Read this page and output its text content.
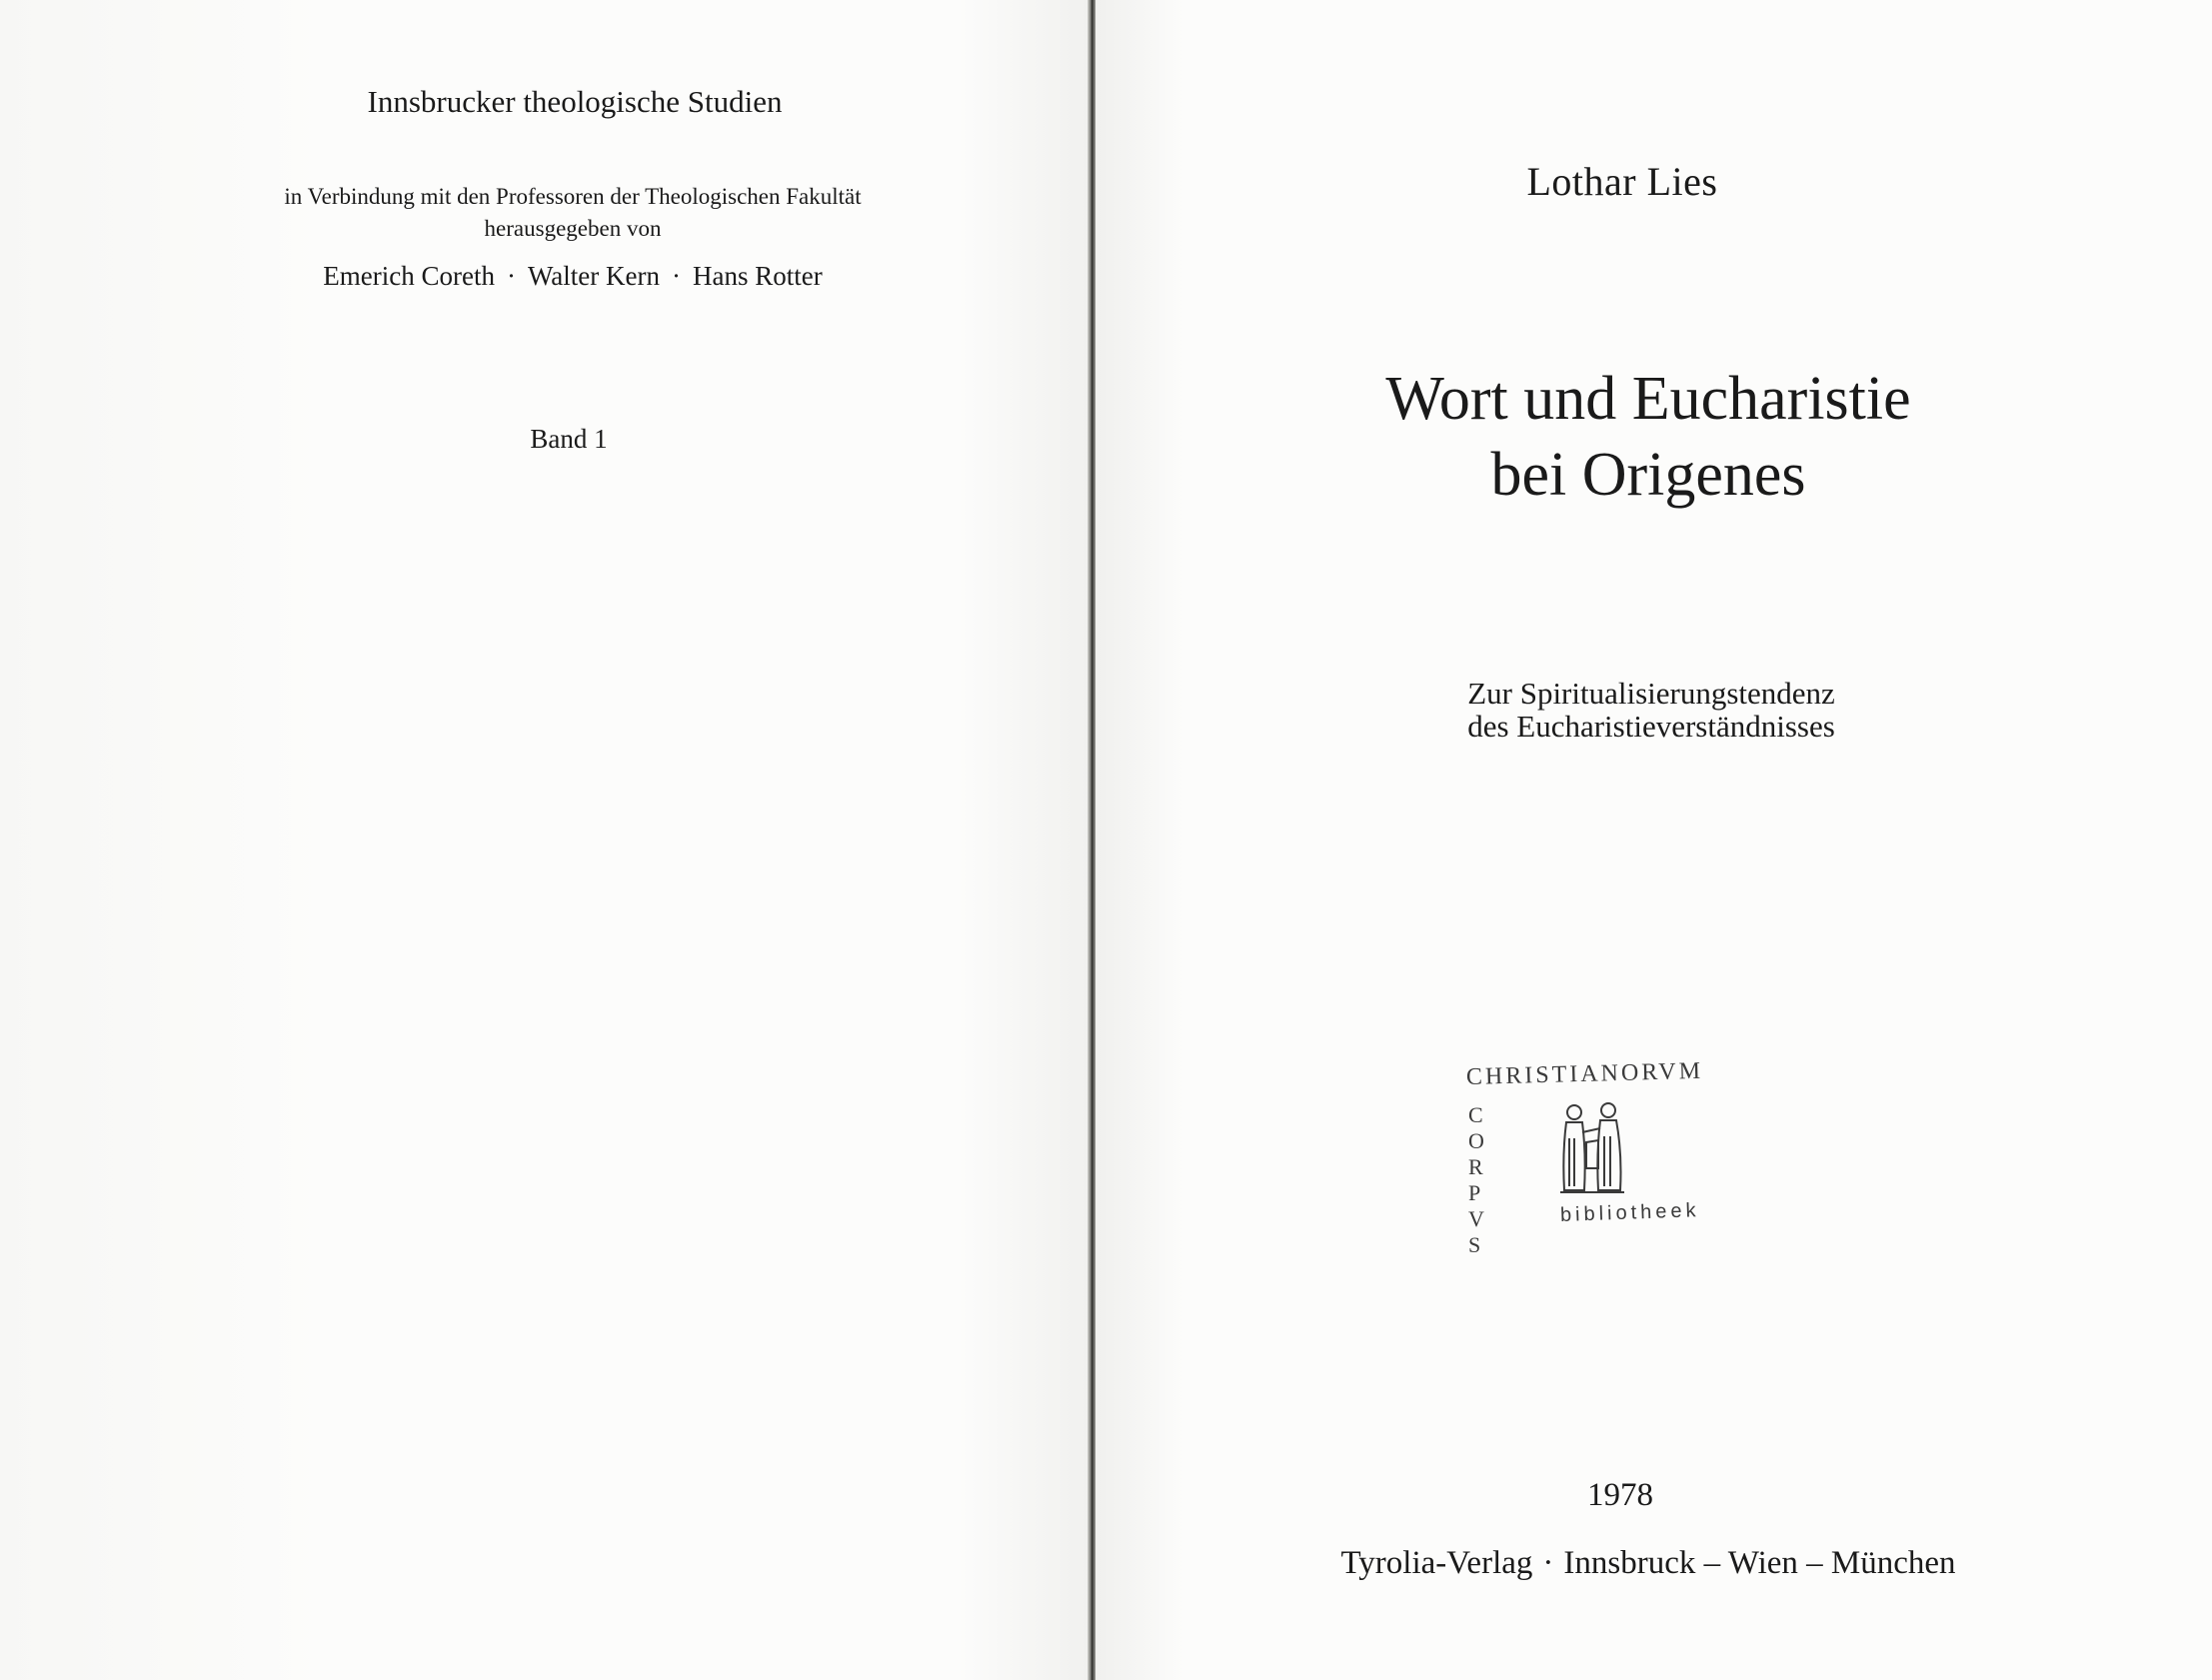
Innsbrucker theologische Studien
in Verbindung mit den Professoren der Theologischen Fakultät
herausgegeben von
Emerich Coreth · Walter Kern · Hans Rotter
Band 1
Lothar Lies
Wort und Eucharistie
bei Origenes
Zur Spiritualisierungstendenz
des Eucharistieverständnisses
CHRISTIANORVM
C
O
R
P
V
S
bibliotheek
1978
Tyrolia-Verlag · Innsbruck – Wien – München
